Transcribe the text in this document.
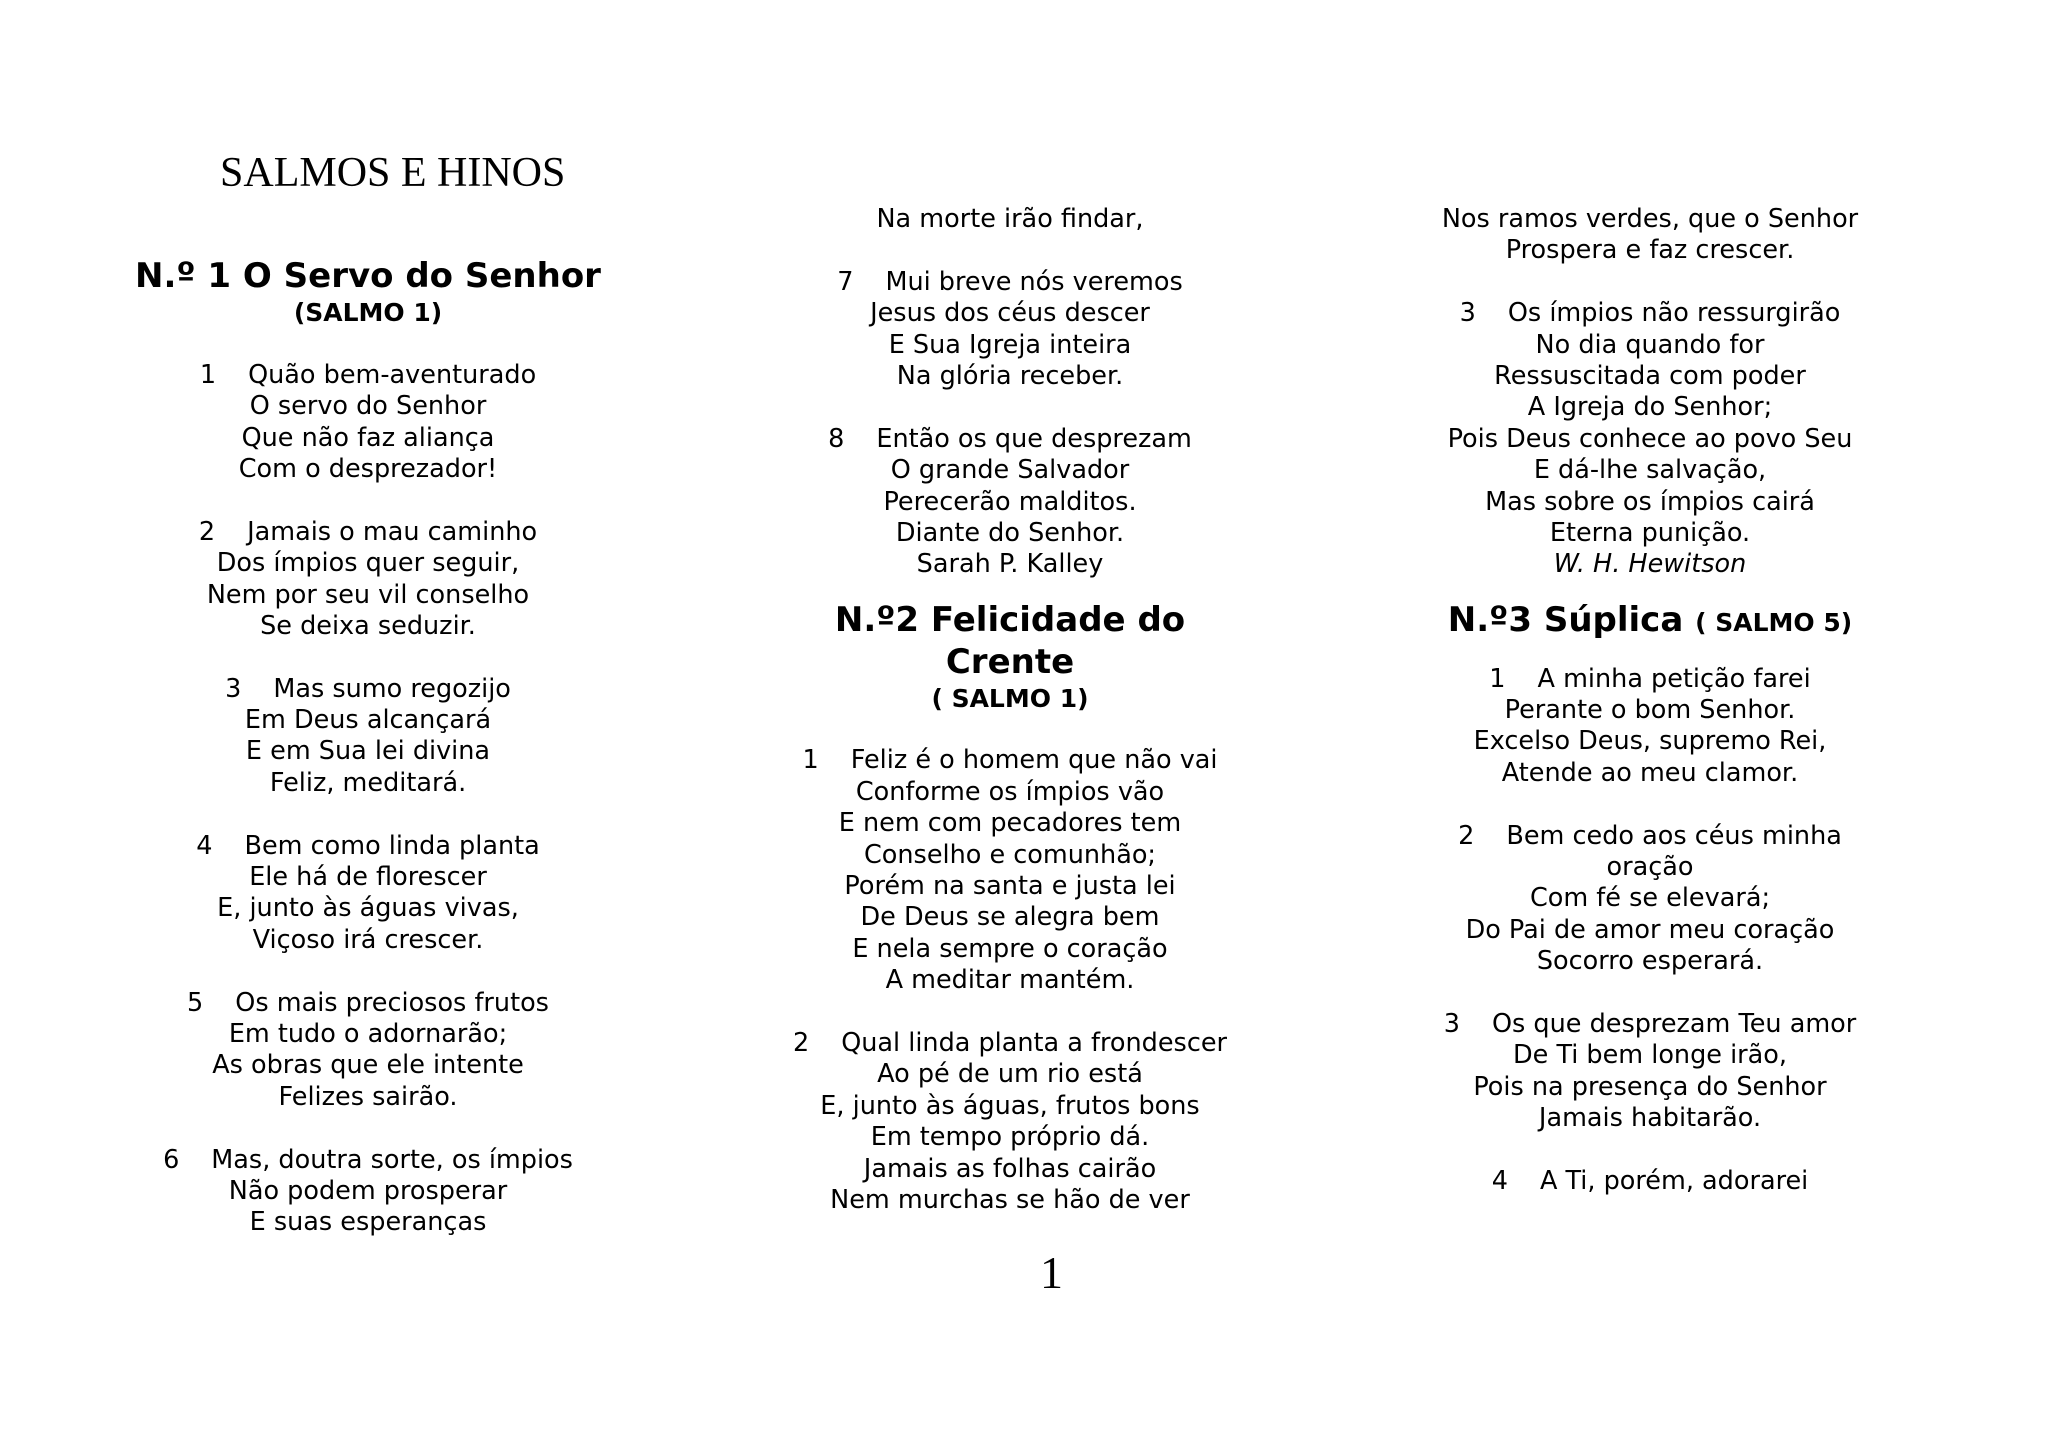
SALMOS E HINOS
N.º 1 O Servo do Senhor
(SALMO 1)
1 Quão bem-aventurado
O servo do Senhor
Que não faz aliança
Com o desprezador!
2 Jamais o mau caminho
Dos ímpios quer seguir,
Nem por seu vil conselho
Se deixa seduzir.
3 Mas sumo regozijo
Em Deus alcançará
E em Sua lei divina
Feliz, meditará.
4 Bem como linda planta
Ele há de florescer
E, junto às águas vivas,
Viçoso irá crescer.
5 Os mais preciosos frutos
Em tudo o adornarão;
As obras que ele intente
Felizes sairão.
6 Mas, doutra sorte, os ímpios
Não podem prosperar
E suas esperanças
Na morte irão findar,
7 Mui breve nós veremos
Jesus dos céus descer
E Sua Igreja inteira
Na glória receber.
8 Então os que desprezam
O grande Salvador
Perecerão malditos.
Diante do Senhor.
Sarah P. Kalley
N.º2 Felicidade do
Crente
( SALMO 1)
1 Feliz é o homem que não vai
Conforme os ímpios vão
E nem com pecadores tem
Conselho e comunhão;
Porém na santa e justa lei
De Deus se alegra bem
E nela sempre o coração
A meditar mantém.
2 Qual linda planta a frondescer
Ao pé de um rio está
E, junto às águas, frutos bons
Em tempo próprio dá.
Jamais as folhas cairão
Nem murchas se hão de ver
Nos ramos verdes, que o Senhor
Prospera e faz crescer.
3 Os ímpios não ressurgirão
No dia quando for
Ressuscitada com poder
A Igreja do Senhor;
Pois Deus conhece ao povo Seu
E dá-lhe salvação,
Mas sobre os ímpios cairá
Eterna punição.
W. H. Hewitson
N.º3 Súplica ( SALMO 5)
1 A minha petição farei
Perante o bom Senhor.
Excelso Deus, supremo Rei,
Atende ao meu clamor.
2 Bem cedo aos céus minha
oração
Com fé se elevará;
Do Pai de amor meu coração
Socorro esperará.
3 Os que desprezam Teu amor
De Ti bem longe irão,
Pois na presença do Senhor
Jamais habitarão.
4 A Ti, porém, adorarei
1
